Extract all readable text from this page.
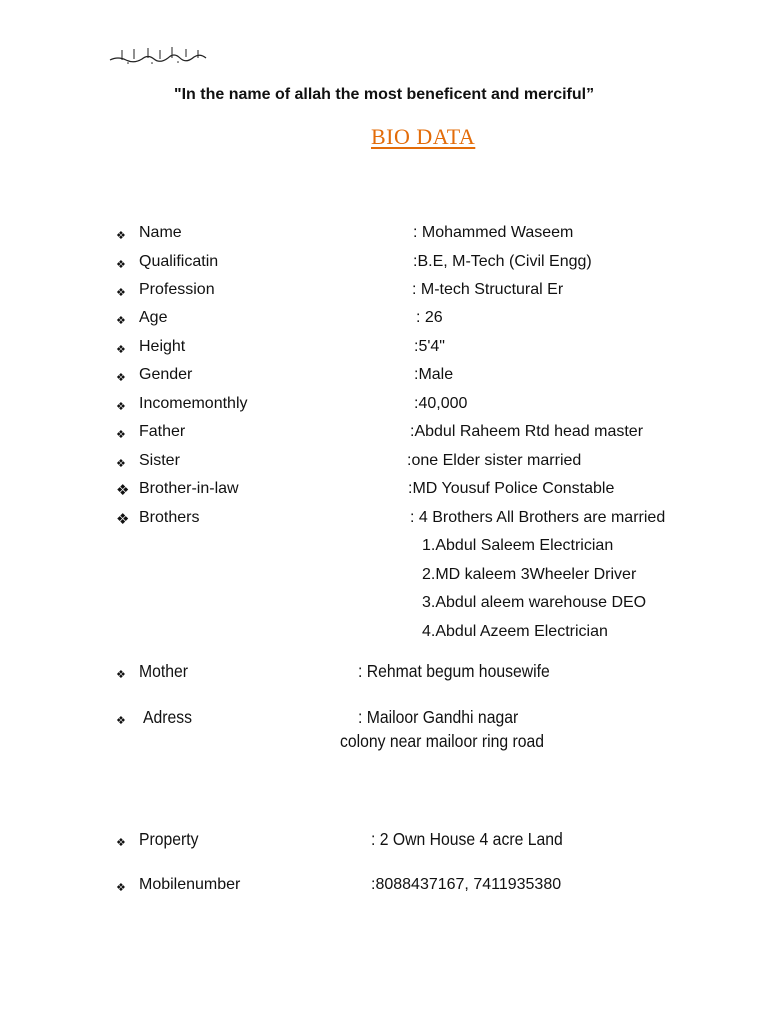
"In the name of allah the most beneficent and merciful”
BIO DATA
❖ Name	: Mohammed Waseem
❖ Qualificatin	:B.E, M-Tech (Civil Engg)
❖ Profession	: M-tech Structural Er
❖ Age	: 26
❖ Height	:5'4"
❖ Gender	:Male
❖ Incomemonthly	:40,000
❖ Father	:Abdul Raheem Rtd head master
❖ Sister	:one Elder sister married
❖ Brother-in-law	:MD Yousuf Police Constable
❖ Brothers	: 4 Brothers All Brothers are married
1.Abdul Saleem Electrician
2.MD kaleem 3Wheeler Driver
3.Abdul aleem warehouse DEO
4.Abdul Azeem Electrician
❖ Mother	: Rehmat begum housewife
❖ Adress	: Mailoor Gandhi nagar
colony near mailoor ring road
❖ Property	: 2 Own House 4 acre Land
❖ Mobilenumber	:8088437167, 7411935380
